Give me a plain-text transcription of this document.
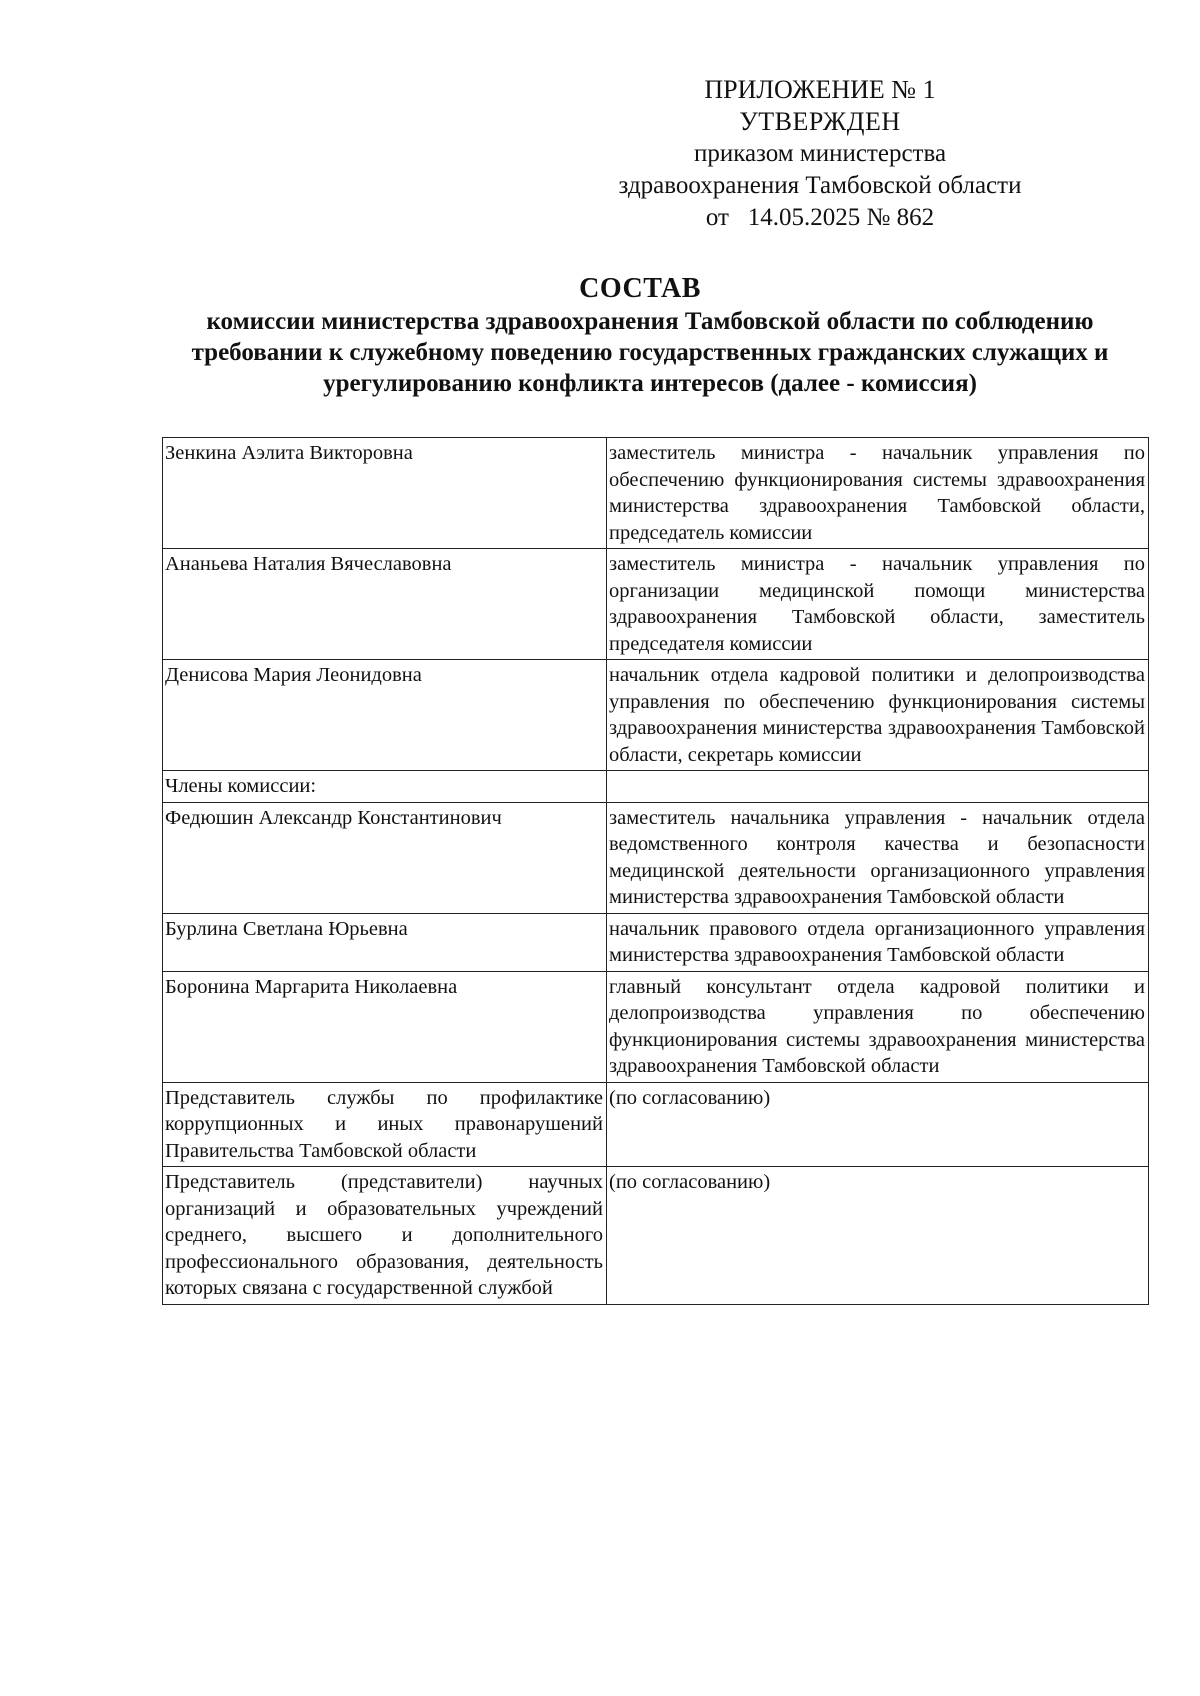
ПРИЛОЖЕНИЕ № 1
УТВЕРЖДЕН
приказом министерства
здравоохранения Тамбовской области
от   14.05.2025 № 862
СОСТАВ
комиссии министерства здравоохранения Тамбовской области по соблюдению требовании к служебному поведению государственных гражданских служащих и урегулированию конфликта интересов (далее - комиссия)
Зенкина Аэлита Викторовна	заместитель министра - начальник управления по обеспечению функционирования системы здравоохранения министерства здравоохранения Тамбовской области, председатель комиссии
Ананьева Наталия Вячеславовна	заместитель министра - начальник управления по организации медицинской помощи министерства здравоохранения Тамбовской области, заместитель председателя комиссии
Денисова Мария Леонидовна	начальник отдела кадровой политики и делопроизводства управления по обеспечению функционирования системы здравоохранения министерства здравоохранения Тамбовской области, секретарь комиссии
Члены комиссии:	
Федюшин Александр Константинович	заместитель начальника управления - начальник отдела ведомственного контроля качества и безопасности медицинской деятельности организационного управления министерства здравоохранения Тамбовской области
Бурлина Светлана Юрьевна	начальник правового отдела организационного управления министерства здравоохранения Тамбовской области
Боронина Маргарита Николаевна	главный консультант отдела кадровой политики и делопроизводства управления по обеспечению функционирования системы здравоохранения министерства здравоохранения Тамбовской области
Представитель службы по профилактике коррупционных и иных правонарушений Правительства Тамбовской области	(по согласованию)
Представитель (представители) научных организаций и образовательных учреждений среднего, высшего и дополнительного профессионального образования, деятельность которых связана с государственной службой	(по согласованию)
